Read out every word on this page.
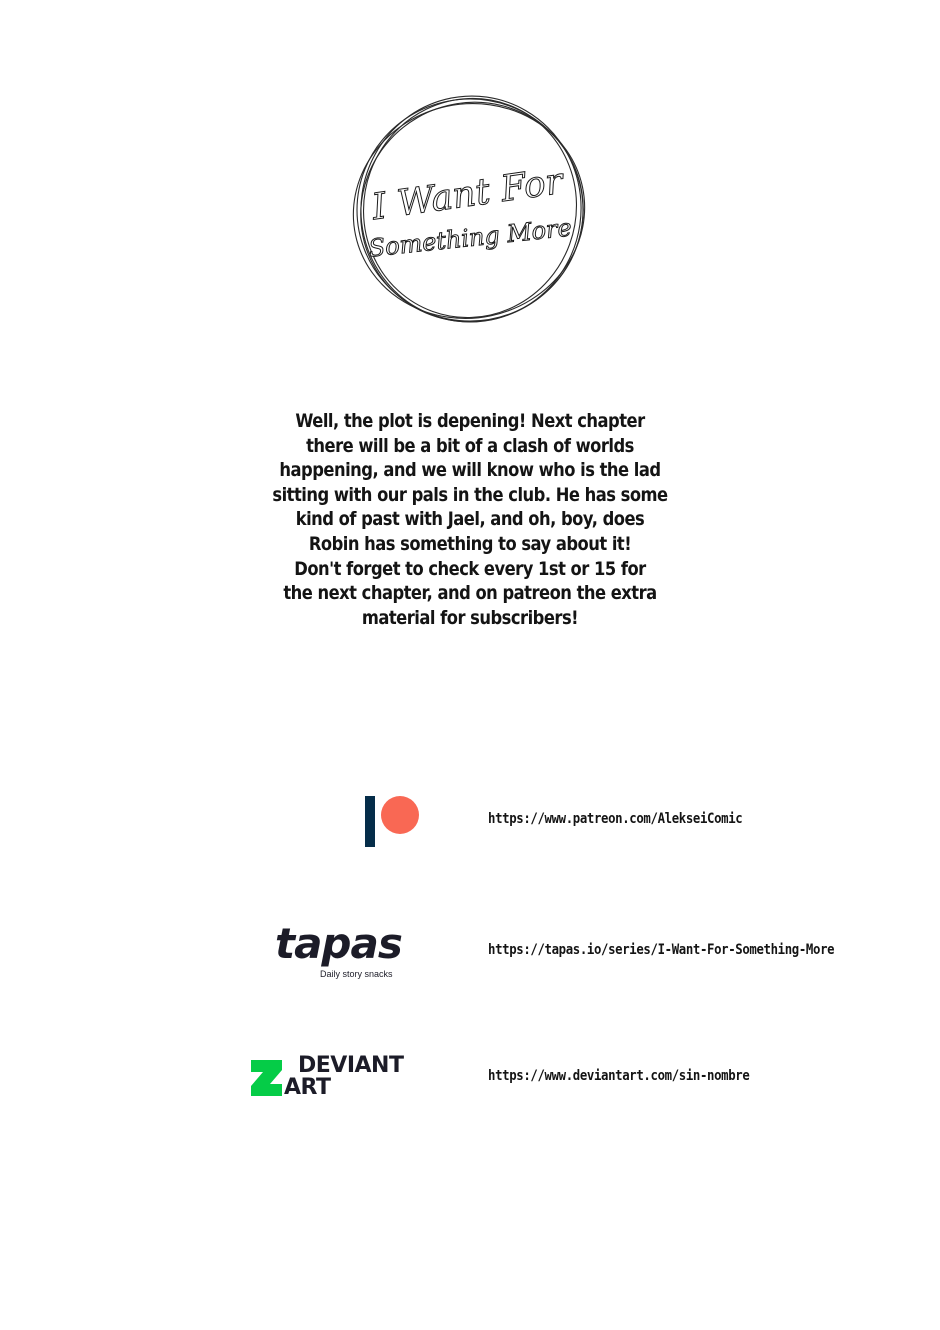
I Want For
Something More
Well, the plot is depening! Next chapter
there will be a bit of a clash of worlds
happening, and we will know who is the lad
sitting with our pals in the club. He has some
kind of past with Jael, and oh, boy, does
Robin has something to say about it!
Don't forget to check every 1st or 15 for
the next chapter, and on patreon the extra
material for subscribers!
https://www.patreon.com/AlekseiComic
tapas
Daily story snacks
https://tapas.io/series/I-Want-For-Something-More
DEVIANT
ART	https://www.deviantart.com/sin-nombre
